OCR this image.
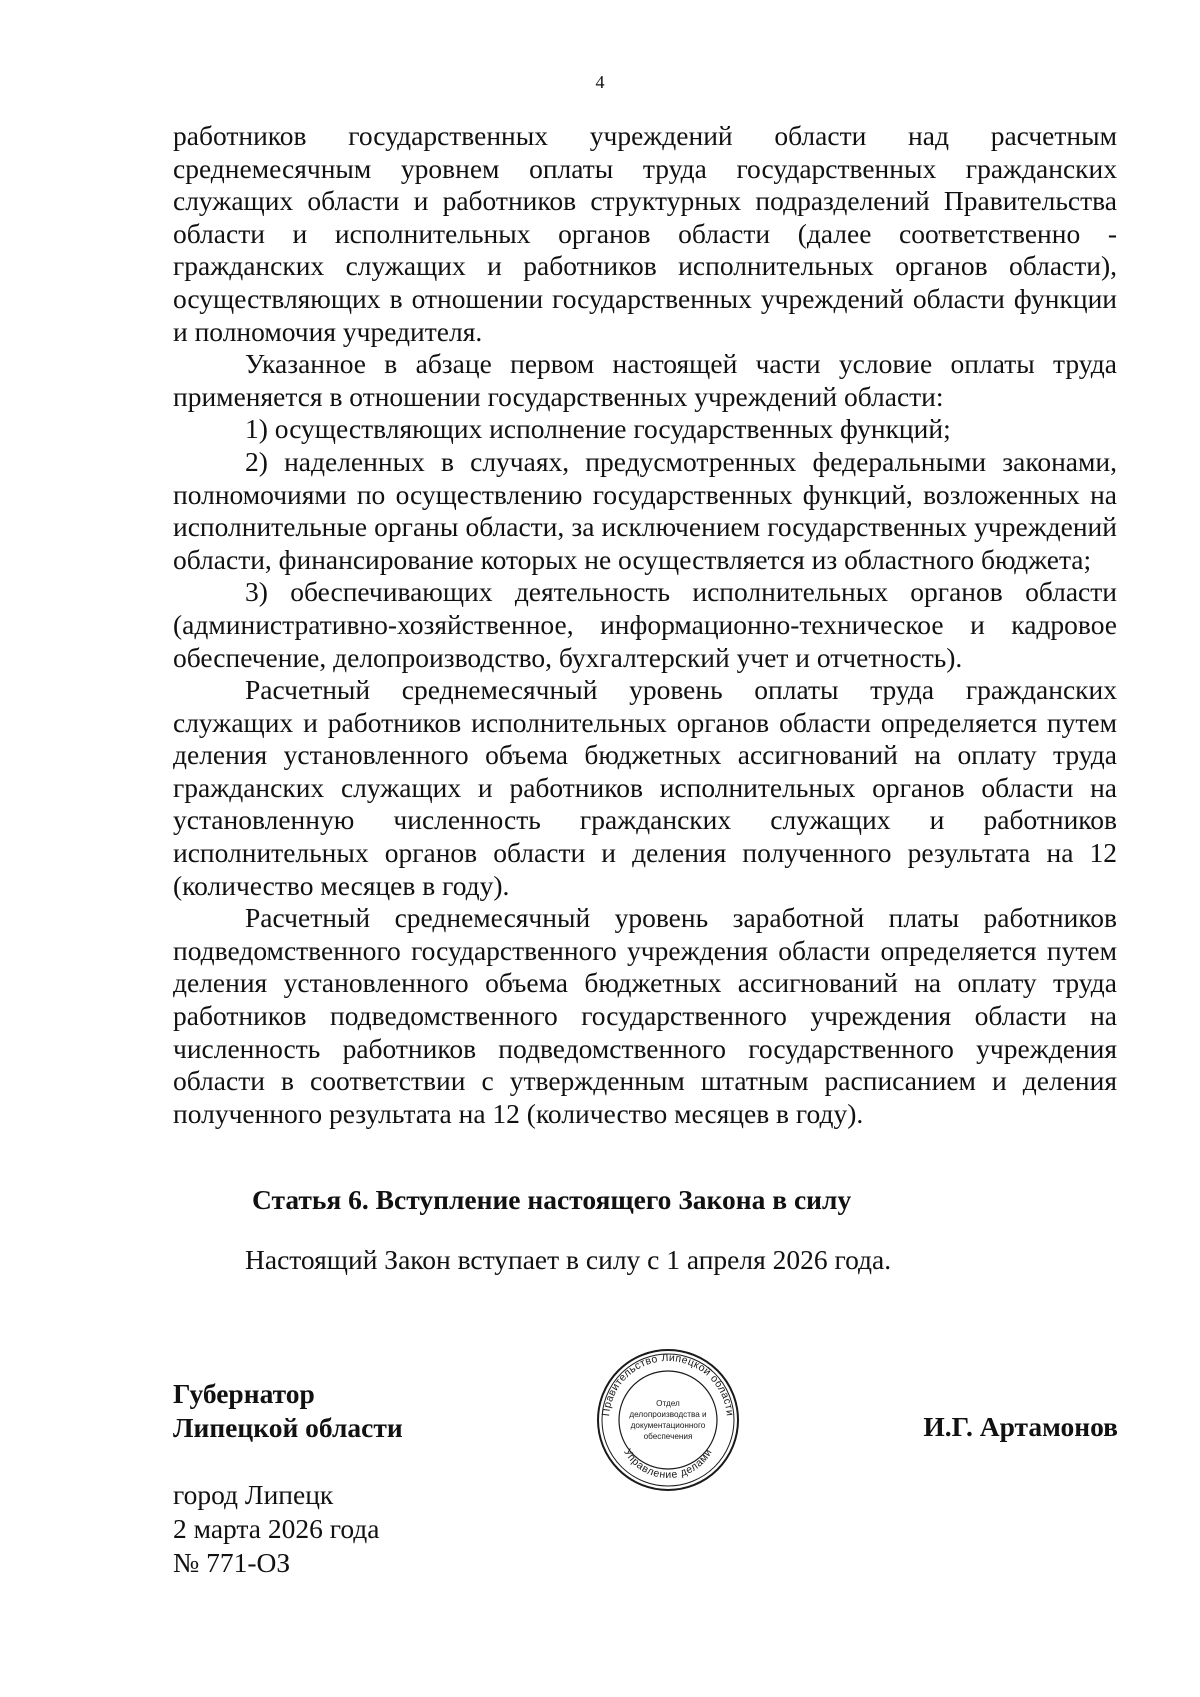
4

работников государственных учреждений области над расчетным среднемесячным уровнем оплаты труда государственных гражданских служащих области и работников структурных подразделений Правительства области и исполнительных органов области (далее соответственно - гражданских служащих и работников исполнительных органов области), осуществляющих в отношении государственных учреждений области функции и полномочия учредителя.

Указанное в абзаце первом настоящей части условие оплаты труда применяется в отношении государственных учреждений области:

1) осуществляющих исполнение государственных функций;

2) наделенных в случаях, предусмотренных федеральными законами, полномочиями по осуществлению государственных функций, возложенных на исполнительные органы области, за исключением государственных учреждений области, финансирование которых не осуществляется из областного бюджета;

3) обеспечивающих деятельность исполнительных органов области (административно-хозяйственное, информационно-техническое и кадровое обеспечение, делопроизводство, бухгалтерский учет и отчетность).

Расчетный среднемесячный уровень оплаты труда гражданских служащих и работников исполнительных органов области определяется путем деления установленного объема бюджетных ассигнований на оплату труда гражданских служащих и работников исполнительных органов области на установленную численность гражданских служащих и работников исполнительных органов области и деления полученного результата на 12 (количество месяцев в году).

Расчетный среднемесячный уровень заработной платы работников подведомственного государственного учреждения области определяется путем деления установленного объема бюджетных ассигнований на оплату труда работников подведомственного государственного учреждения области на численность работников подведомственного государственного учреждения области в соответствии с утвержденным штатным расписанием и деления полученного результата на 12 (количество месяцев в году).

Статья 6. Вступление настоящего Закона в силу
Настоящий Закон вступает в силу с 1 апреля 2026 года.
Губернатор
Липецкой области	Правительство Липецкой области
Управление делами
Отдел
делопроизводства и
документационного
обеспечения	И.Г. Артамонов
город Липецк
2 марта 2026 года
№ 771-ОЗ
